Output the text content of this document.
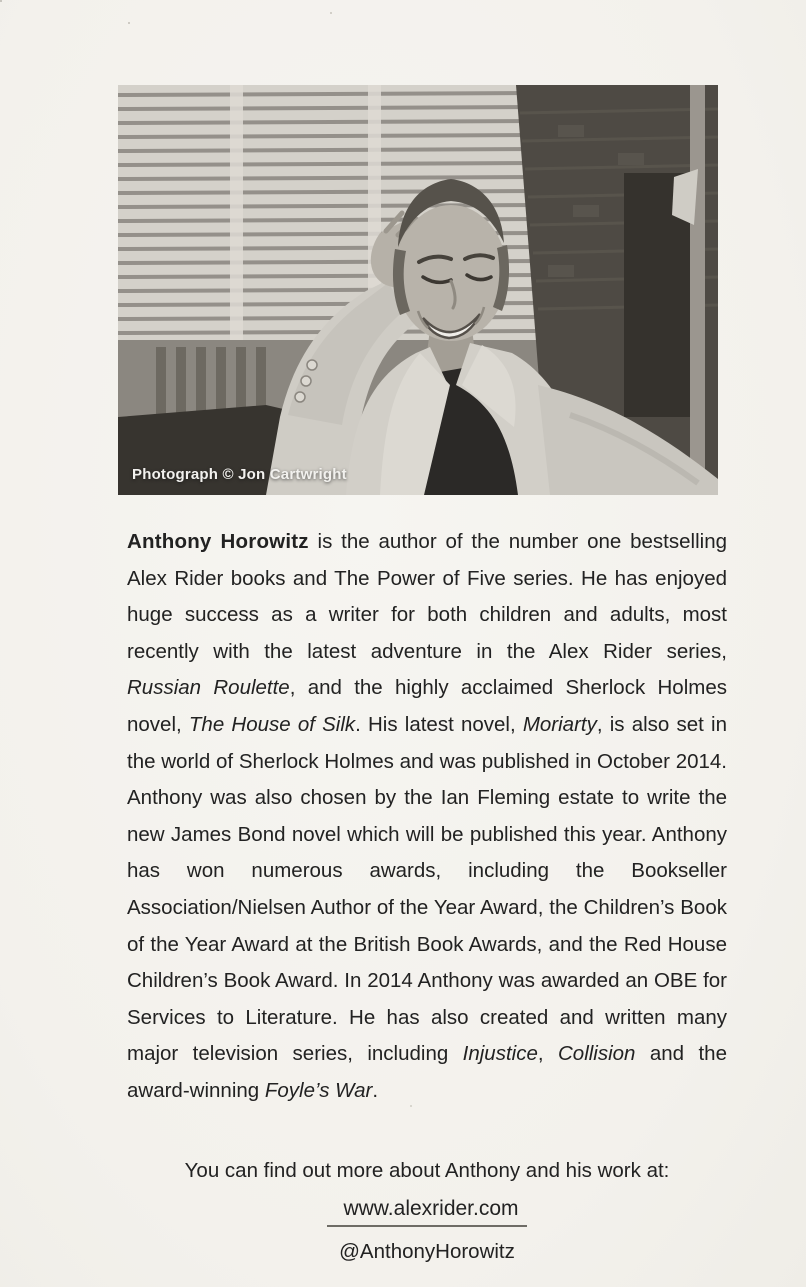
Photograph © Jon Cartwright

Anthony Horowitz is the author of the number one bestselling Alex Rider books and The Power of Five series. He has enjoyed huge success as a writer for both children and adults, most recently with the latest adventure in the Alex Rider series, Russian Roulette, and the highly acclaimed Sherlock Holmes novel, The House of Silk. His latest novel, Moriarty, is also set in the world of Sherlock Holmes and was published in October 2014. Anthony was also chosen by the Ian Fleming estate to write the new James Bond novel which will be published this year. Anthony has won numerous awards, including the Bookseller Association/Nielsen Author of the Year Award, the Children’s Book of the Year Award at the British Book Awards, and the Red House Children’s Book Award. In 2014 Anthony was awarded an OBE for Services to Literature. He has also created and written many major television series, including Injustice, Collision and the award-winning Foyle’s War.

You can find out more about Anthony and his work at:

www.alexrider.com

@AnthonyHorowitz
